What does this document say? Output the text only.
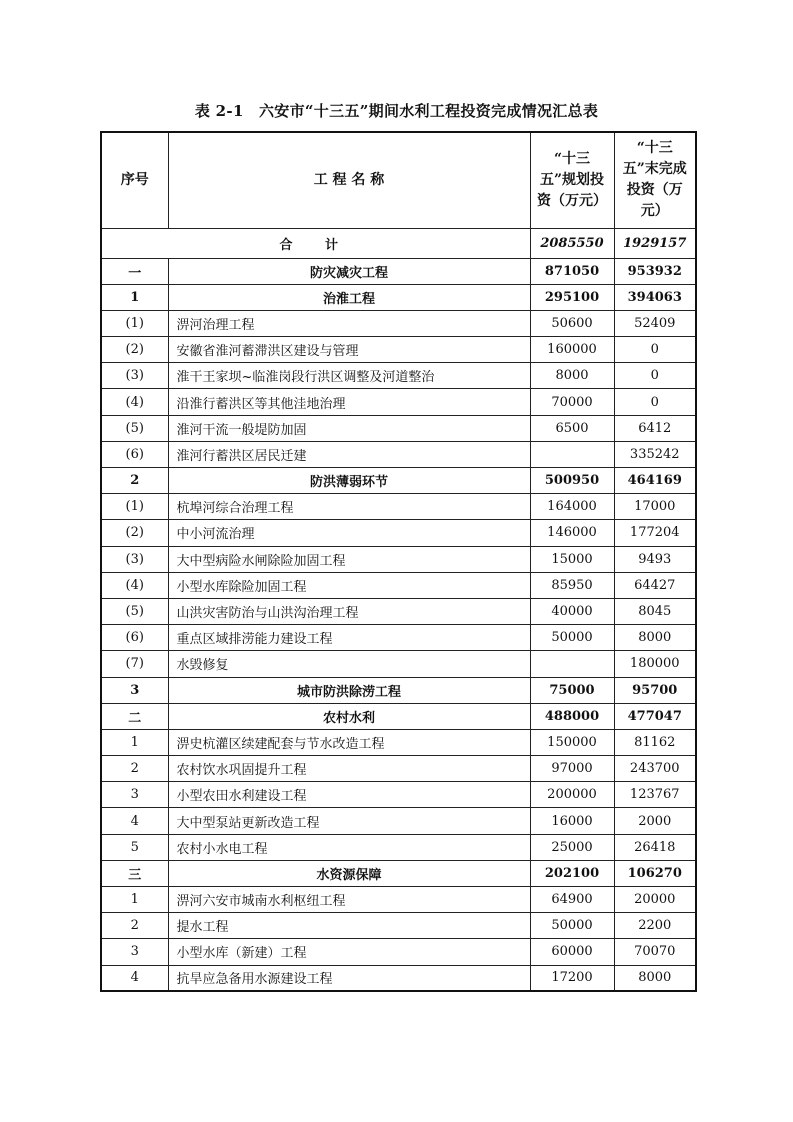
表 2-1　六安市“十三五”期间水利工程投资完成情况汇总表
序号	工 程 名 称	“十三五”规划投资（万元）	“十三五”末完成投资（万元）
合 计		2085550	1929157
一	防灾减灾工程	871050	953932
1	治淮工程	295100	394063
(1)	淠河治理工程	50600	52409
(2)	安徽省淮河蓄滞洪区建设与管理	160000	0
(3)	淮干王家坝~临淮岗段行洪区调整及河道整治	8000	0
(4)	沿淮行蓄洪区等其他洼地治理	70000	0
(5)	淮河干流一般堤防加固	6500	6412
(6)	淮河行蓄洪区居民迁建		335242
2	防洪薄弱环节	500950	464169
(1)	杭埠河综合治理工程	164000	17000
(2)	中小河流治理	146000	177204
(3)	大中型病险水闸除险加固工程	15000	9493
(4)	小型水库除险加固工程	85950	64427
(5)	山洪灾害防治与山洪沟治理工程	40000	8045
(6)	重点区域排涝能力建设工程	50000	8000
(7)	水毁修复		180000
3	城市防洪除涝工程	75000	95700
二	农村水利	488000	477047
1	淠史杭灌区续建配套与节水改造工程	150000	81162
2	农村饮水巩固提升工程	97000	243700
3	小型农田水利建设工程	200000	123767
4	大中型泵站更新改造工程	16000	2000
5	农村小水电工程	25000	26418
三	水资源保障	202100	106270
1	淠河六安市城南水利枢纽工程	64900	20000
2	提水工程	50000	2200
3	小型水库（新建）工程	60000	70070
4	抗旱应急备用水源建设工程	17200	8000
